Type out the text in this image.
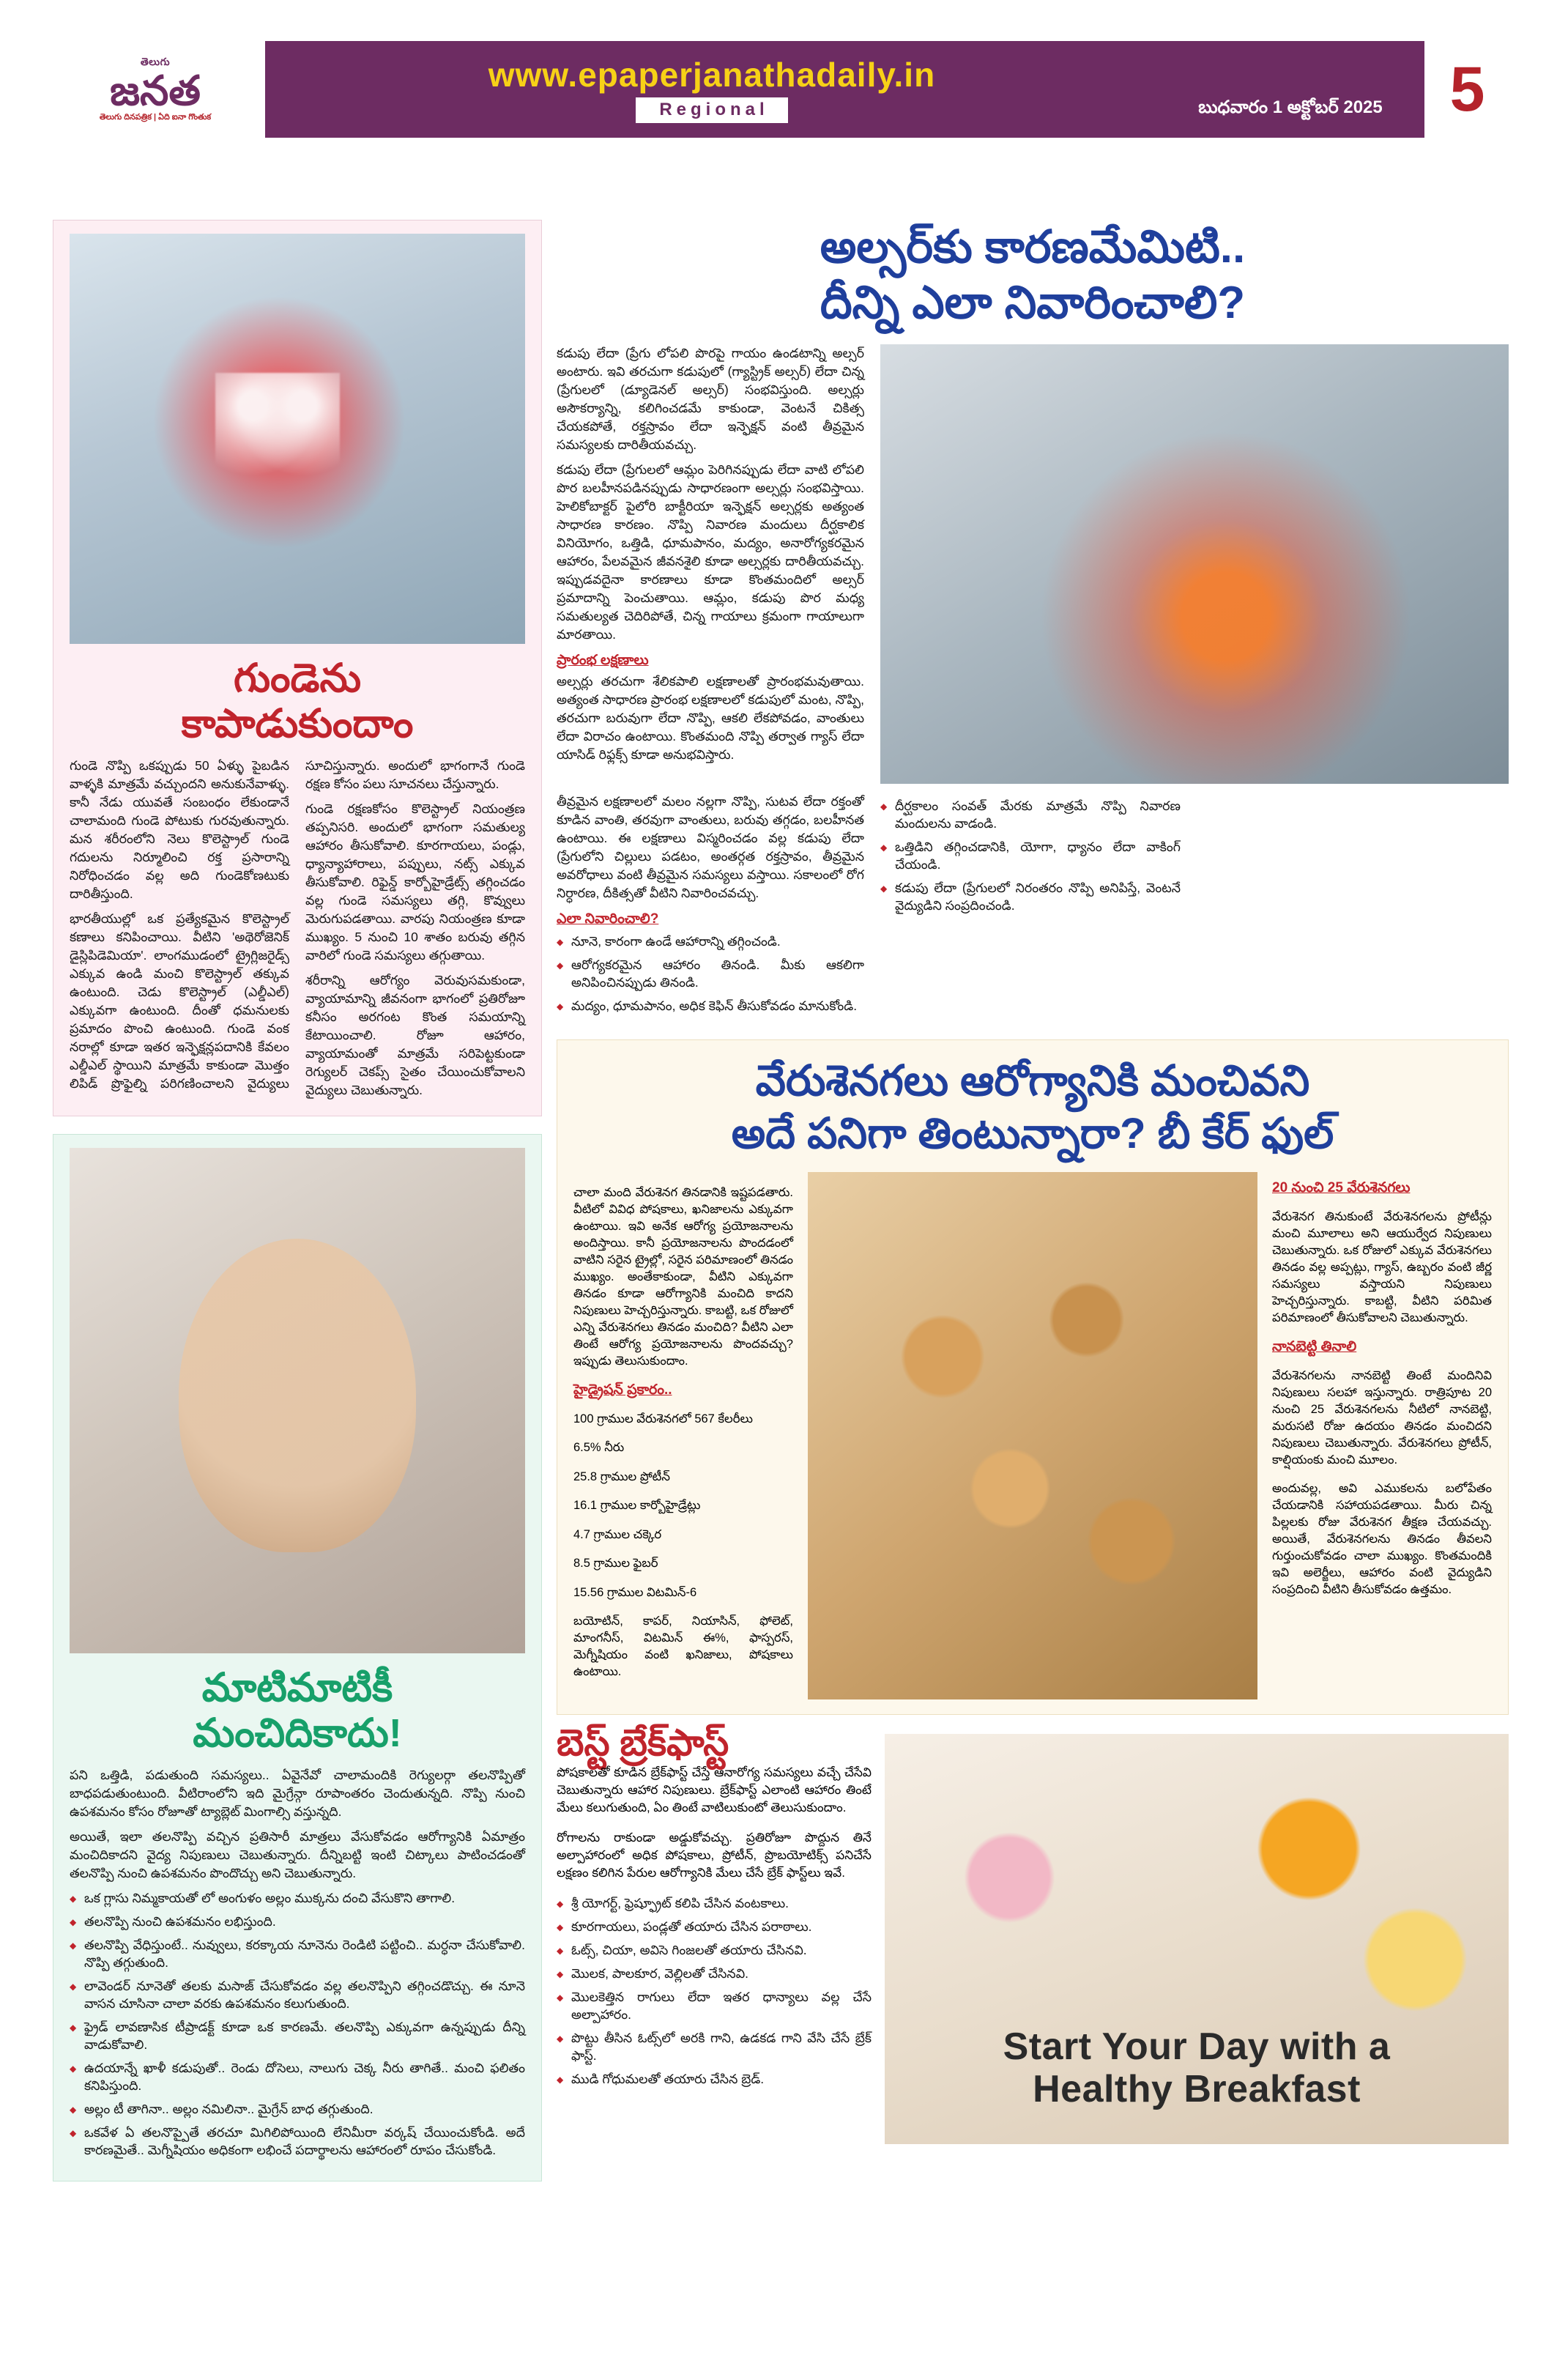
తెలుగు
జనత
తెలుగు దినపత్రిక | ఏది ఐనా గొంతుక
www.epaperjanathadaily.in
Regional	బుధవారం 1 అక్టోబర్ 2025	5
గుండెను
కాపాడుకుందాం

గుండె నొప్పి ఒకప్పుడు 50 ఏళ్ళు పైబడిన వాళ్ళకి మాత్రమే వచ్చుందని అనుకునేవాళ్ళు. కానీ నేడు యువతే సంబంధం లేకుండానే చాలామంది గుండె పోటుకు గురవుతున్నారు. మన శరీరంలోని నెలు కొలెస్ట్రాల్ గుండె గదులను నిర్మూలించి రక్త ప్రసారాన్ని నిరోధించడం వల్ల అది గుండెకోణటుకు దారితీస్తుంది.

భారతీయుల్లో ఒక ప్రత్యేకమైన కొలెస్ట్రాల్ కణాలు కనిపించాయి. వీటిని 'అథెరోజెనిక్ డైస్లిపిడెమియా'. లాంగముడంలో ట్రైగ్లిజరైడ్స్ ఎక్కువ ఉండి మంచి కొలెస్ట్రాల్ తక్కువ ఉంటుంది. చెడు కొలెస్ట్రాల్ (ఎల్డీఎల్) ఎక్కువగా ఉంటుంది. దీంతో ధమనులకు ప్రమాదం పొంచి ఉంటుంది. గుండె వంక నరాల్లో కూడా ఇతర ఇన్ఫెక్షన్లపదానికి కేవలం ఎల్డీఎల్ స్థాయిని మాత్రమే కాకుండా మొత్తం లిపిడ్ ప్రొఫైల్ని పరిగణించాలని వైద్యులు సూచిస్తున్నారు. అందులో భాగంగానే గుండె రక్షణ కోసం పలు సూచనలు చేస్తున్నారు.

గుండె రక్షణకోసం కొలెస్ట్రాల్ నియంత్రణ తప్పనిసరి. అందులో భాగంగా సమతుల్య ఆహారం తీసుకోవాలి. కూరగాయలు, పండ్లు, ధ్యాన్యాహారాలు, పప్పులు, నట్స్ ఎక్కువ తీసుకోవాలి. రిఫైన్డ్ కార్బోహైడ్రేట్స్ తగ్గించడం వల్ల గుండె సమస్యలు తగ్గి, కొవ్వులు మెరుగుపడతాయి. వారపు నియంత్రణ కూడా ముఖ్యం. 5 నుంచి 10 శాతం బరువు తగ్గిన వారిలో గుండె సమస్యలు తగ్గుతాయి.

శరీరాన్ని ఆరోగ్యం వెరువుసమకుండా, వ్యాయామాన్ని జీవనంగా భాగంలో ప్రతిరోజూ కనీసం అరగంట కొంత సమయాన్ని కేటాయించాలి. రోజూ ఆహారం, వ్యాయామంతో మాత్రమే సరిపెట్టకుండా రెగ్యులర్ చెకప్స్ సైతం చేయించుకోవాలని వైద్యులు చెబుతున్నారు.

మాటిమాటికీ
మంచిదికాదు!

పని ఒత్తిడి, పడుతుంది సమస్యలు.. ఏవైనేవో చాలామందికి రెగ్యులర్గా తలనొప్పితో బాధపడుతుంటుంది. వీటిరాంలోని ఇది మైగ్రేన్గా రూపాంతరం చెందుతున్నది. నొప్పి నుంచి ఉపశమనం కోసం రోజూతో ట్యాబ్లెట్ మింగాల్సి వస్తున్నది.

అయితే, ఇలా తలనొప్పి వచ్చిన ప్రతిసారీ మాత్రలు వేసుకోవడం ఆరోగ్యానికి ఏమాత్రం మంచిదికాదని వైద్య నిపుణులు చెబుతున్నారు. దీన్నిబట్టి ఇంటి చిట్కాలు పాటించడంతో తలనొప్పి నుంచి ఉపశమనం పొందొచ్చు అని చెబుతున్నారు.

◆ ఒక గ్లాసు నిమ్మకాయతో లో అంగుళం అల్లం ముక్కను దంచి వేసుకొని తాగాలి.
◆ తలనొప్పి నుంచి ఉపశమనం లభిస్తుంది.
◆ తలనొప్పి వేధిస్తుంటే.. నువ్వులు, కరక్కాయ నూనెను రెండిటి పట్టించి.. మర్ధనా చేసుకోవాలి. నొప్పి తగ్గుతుంది.
◆ లావెండర్ నూనెతో తలకు మసాజ్ చేసుకోవడం వల్ల తలనొప్పిని తగ్గించడొచ్చు. ఈ నూనె వాసన చూసినా చాలా వరకు ఉపశమనం కలుగుతుంది.
◆ ఫ్రైడ్ లావణాసిక టీప్రాడక్ట్ కూడా ఒక కారణమే. తలనొప్పి ఎక్కువగా ఉన్నప్పుడు దీన్ని వాడుకోవాలి.
◆ ఉదయాన్నే ఖాళీ కడుపుతో.. రెండు దోసెలు, నాలుగు చెక్క నీరు తాగితే.. మంచి ఫలితం కనిపిస్తుంది.
◆ అల్లం టీ తాగినా.. అల్లం నమిలినా.. మైగ్రేన్ బాధ తగ్గుతుంది.
◆ ఒకవేళ ఏ తలనొప్పైతే తరచూ మిగిలిపోయింది లేనిమీరా వర్కష్ చేయించుకోండి. అదే కారణమైతే.. మెగ్నీషియం అధికంగా లభించే పదార్థాలను ఆహారంలో రూపం చేసుకోండి.
అల్సర్‌కు కారణమేమిటి..
దీన్ని ఎలా నివారించాలి?

కడుపు లేదా (ప్రేగు లోపలి పొరపై గాయం ఉండటాన్ని అల్సర్ అంటారు. ఇవి తరచుగా కడుపులో (గ్యాస్ట్రిక్ అల్సర్) లేదా చిన్న (ప్రేగులలో (డ్యూడెనల్ అల్సర్) సంభవిస్తుంది. అల్సర్లు అసౌకర్యాన్ని, కలిగించడమే కాకుండా, వెంటనే చికిత్స చేయకపోతే, రక్తస్రావం లేదా ఇన్ఫెక్షన్ వంటి తీవ్రమైన సమస్యలకు దారితీయవచ్చు.

కడుపు లేదా (ప్రేగులలో ఆమ్లం పెరిగినప్పుడు లేదా వాటి లోపలి పొర బలహీనపడినప్పుడు సాధారణంగా అల్సర్లు సంభవిస్తాయి. హెలికోబాక్టర్ పైలోరి బాక్టీరియా ఇన్ఫెక్షన్ అల్సర్లకు అత్యంత సాధారణ కారణం. నొప్పి నివారణ మందులు దీర్ఘకాలిక వినియోగం, ఒత్తిడి, ధూమపానం, మద్యం, అనారోగ్యకరమైన ఆహారం, పేలవమైన జీవనశైలి కూడా అల్సర్లకు దారితీయవచ్చు. ఇప్పుడవదైనా కారణాలు కూడా కొంతమందిలో అల్సర్ ప్రమాదాన్ని పెంచుతాయి. ఆమ్లం, కడుపు పొర మధ్య సమతుల్యత చెదిరిపోతే, చిన్న గాయాలు క్రమంగా గాయాలుగా మారతాయి.

ప్రారంభ లక్షణాలు

అల్సర్లు తరచుగా శేలికపాలి లక్షణాలతో ప్రారంభమవుతాయి. అత్యంత సాధారణ ప్రారంభ లక్షణాలలో కడుపులో మంట, నొప్పి, తరచుగా బరువుగా లేదా నొప్పి, ఆకలి లేకపోవడం, వాంతులు లేదా విరాచం ఉంటాయి. కొంతమంది నొప్పి తర్వాత గ్యాస్ లేదా యాసిడ్ రిఫ్లక్స్ కూడా అనుభవిస్తారు.

తీవ్రమైన లక్షణాలలో మలం నల్లగా నొప్పి, సుటవ లేదా రక్తంతో కూడిన వాంతి, తరవుగా వాంతులు, బరువు తగ్గడం, బలహీనత ఉంటాయి. ఈ లక్షణాలు విస్మరించడం వల్ల కడుపు లేదా (ప్రేగులోని చిల్లులు పడటం, అంతర్గత రక్తస్రావం, తీవ్రమైన అవరోధాలు వంటి తీవ్రమైన సమస్యలు వస్తాయి. సకాలంలో రోగ నిర్ధారణ, దీకిత్సతో వీటిని నివారించవచ్చు.

ఎలా నివారించాలి?
◆ నూనె, కారంగా ఉండే ఆహారాన్ని తగ్గించండి.
◆ ఆరోగ్యకరమైన ఆహారం తినండి. మీకు ఆకలిగా అనిపించినప్పుడు తినండి.
◆ మద్యం, ధూమపానం, అధిక కెఫిన్ తీసుకోవడం మానుకోండి.
◆ దీర్ఘకాలం సంవత్ మేరకు మాత్రమే నొప్పి నివారణ మందులను వాడండి.
◆ ఒత్తిడిని తగ్గించడానికి, యోగా, ధ్యానం లేదా వాకింగ్ చేయండి.
◆ కడుపు లేదా (ప్రేగులలో నిరంతరం నొప్పి అనిపిస్తే, వెంటనే వైద్యుడిని సంప్రదించండి.
వేరుశెనగలు ఆరోగ్యానికి మంచివని
అదే పనిగా తింటున్నారా? బీ కేర్ ఫుల్

చాలా మంది వేరుశెనగ తినడానికి ఇష్టపడతారు. వీటిలో వివిధ పోషకాలు, ఖనిజాలను ఎక్కువగా ఉంటాయి. ఇవి అనేక ఆరోగ్య ప్రయోజనాలను అందిస్తాయి. కానీ ప్రయోజనాలను పొందడంలో వాటిని సరైన ట్రైల్లో, సరైన పరిమాణంలో తినడం ముఖ్యం. అంతేకాకుండా, వీటిని ఎక్కువగా తినడం కూడా ఆరోగ్యానికి మంచిది కాదని నిపుణులు హెచ్చరిస్తున్నారు. కాబట్టి, ఒక రోజులో ఎన్ని వేరుశెనగలు తినడం మంచిది? వీటిని ఎలా తింటే ఆరోగ్య ప్రయోజనాలను పొందవచ్చు? ఇప్పుడు తెలుసుకుందాం.

హైడ్రైషన్ ప్రకారం..

100 గ్రాముల వేరుశెనగలో 567 కేలరీలు

6.5% నీరు

25.8 గ్రాముల ప్రోటీన్

16.1 గ్రాముల కార్బోహైడ్రేట్లు

4.7 గ్రాముల చక్కెర

8.5 గ్రాముల ఫైబర్

15.56 గ్రాముల విటమిన్-6

బయోటిన్, కాపర్, నియాసిన్, ఫోలెట్, మాంగనీస్, విటమిన్ ఈ%, ఫాస్పరస్, మెగ్నీషియం వంటి ఖనిజాలు, పోషకాలు ఉంటాయి.

20 నుంచి 25 వేరుశెనగలు

వేరుశెనగ తినుకుంటే వేరుశెనగలను ప్రోటీన్లు మంచి మూలాలు అని ఆయుర్వేద నిపుణులు చెబుతున్నారు. ఒక రోజులో ఎక్కువ వేరుశెనగలు తినడం వల్ల అప్పట్లు, గ్యాస్, ఉబ్బరం వంటి జీర్ణ సమస్యలు వస్తాయని నిపుణులు హెచ్చరిస్తున్నారు. కాబట్టి, వీటిని పరిమిత పరిమాణంలో తీసుకోవాలని చెబుతున్నారు.

నానబెట్టి తినాలి

వేరుశెనగలను నానబెట్టి తింటే మందినివి నిపుణులు సలహా ఇస్తున్నారు. రాత్రిపూట 20 నుంచి 25 వేరుశెనగలను నీటిలో నానబెట్టి, మరుసటి రోజు ఉదయం తినడం మంచిదని నిపుణులు చెబుతున్నారు. వేరుశెనగలు ప్రోటీన్, కాల్షియంకు మంచి మూలం.

అందువల్ల, అవి ఎముకలను బలోపేతం చేయడానికి సహాయపడతాయి. మీరు చిన్న పిల్లలకు రోజు వేరుశెనగ తీక్షణ చేయవచ్చు. అయితే, వేరుశెనగలను తినడం తీవలని గుర్తుంచుకోవడం చాలా ముఖ్యం. కొంతమందికి ఇవి అలెర్జీలు, ఆహారం వంటి వైద్యుడిని సంప్రదించి వీటిని తీసుకోవడం ఉత్తమం.

బెస్ట్ బ్రేక్‌ఫాస్ట్

పోషకాలతో కూడిన బ్రేక్‌ఫాస్ట్ చేస్తే ఆనారోగ్య సమస్యలు వచ్చే చేసేవి చెబుతున్నారు ఆహార నిపుణులు. బ్రేక్‌ఫాస్ట్ ఎలాంటి ఆహారం తింటే మేలు కలుగుతుంది, ఏం తింటే వాటిలుకుంటో తెలుసుకుందాం.

రోగాలను రాకుండా అడ్డుకోవచ్చు. ప్రతిరోజూ పొద్దున తినే అల్పాహారంలో అధిక పోషకాలు, ప్రోటీన్, ప్రొబయోటిక్స్ పనిచేసే లక్షణం కలిగిన పేరుల ఆరోగ్యానికి మేలు చేసే బ్రేక్ ఫాస్ట్‌లు ఇవే.

◆ శ్రీ యోగర్ట్, ఫ్రెష్ఫ్రూట్ కలిపి చేసిన వంటకాలు.
◆ కూరగాయలు, పండ్లతో తయారు చేసిన పరాఠాలు.
◆ ఓట్స్, చియా, అవిసె గింజలతో తయారు చేసినవి.
◆ మొలక, పాలకూర, వెల్లిలతో చేసినవి.
◆ మొలకెత్తిన రాగులు లేదా ఇతర ధాన్యాలు వల్ల చేసే అల్పాహారం.
◆ పొట్టు తీసిన ఓట్స్‌లో అరకి గాని, ఉడకడ గాని వేసి చేసే బ్రేక్ ఫాస్ట్.
◆ ముడి గోధుమలతో తయారు చేసిన బ్రెడ్.
Start Your Day with a
Healthy Breakfast
